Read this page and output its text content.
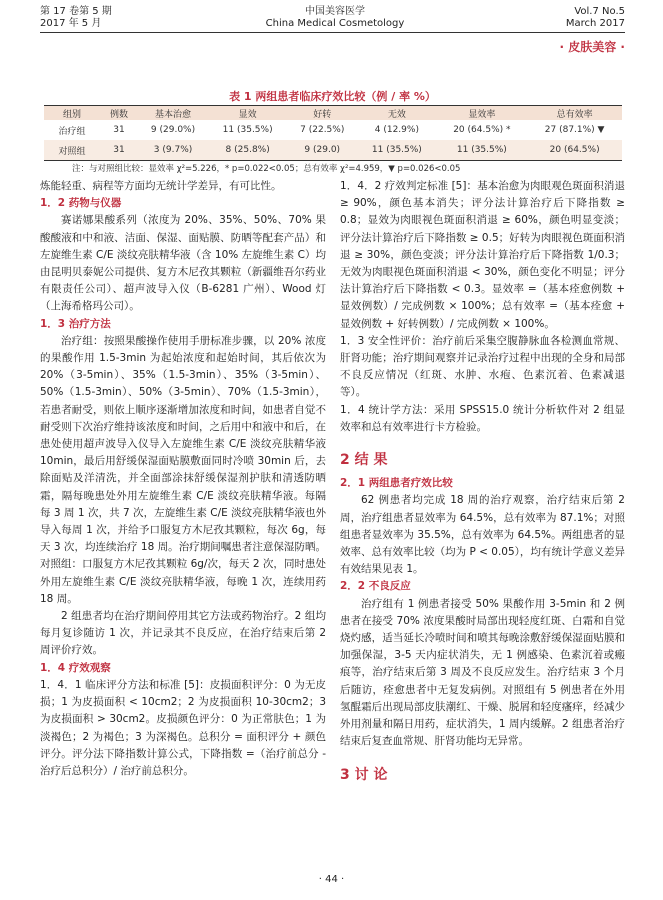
第 17 卷第 5 期
2017 年 5 月
中国美容医学
China Medical Cosmetology
Vol.7 No.5
March 2017
· 皮肤美容 ·
表 1 两组患者临床疗效比较（例 / 率 %）
组别	例数	基本治愈	显效	好转	无效	显效率	总有效率
治疗组	31	9 (29.0%)	11 (35.5%)	7 (22.5%)	4 (12.9%)	20 (64.5%) *	27 (87.1%) ▼
对照组	31	3 (9.7%)	8 (25.8%)	9 (29.0)	11 (35.5%)	11 (35.5%)	20 (64.5%)
注：与对照组比较：显效率 χ²=5.226，* p=0.022<0.05；总有效率 χ²=4.959，▼ p=0.026<0.05

炼能轻重、病程等方面均无统计学差异，有可比性。

1．2 药物与仪器

赛诺娜果酸系列（浓度为 20%、35%、50%、70% 果酸酸液和中和液、洁面、保湿、面贴膜、防晒等配套产品）和左旋维生素 C/E 淡纹亮肤精华液（含 10% 左旋维生素 C）均由昆明贝泰妮公司提供、复方木尼孜其颗粒（新疆维吾尔药业有限责任公司）、超声波导入仪（B-6281 广州）、Wood 灯（上海希格玛公司）。

1．3 治疗方法

治疗组：按照果酸操作使用手册标准步骤，以 20% 浓度的果酸作用 1.5-3min 为起始浓度和起始时间，其后依次为 20%（3-5min）、35%（1.5-3min）、35%（3-5min）、50%（1.5-3min）、50%（3-5min）、70%（1.5-3min），若患者耐受，则依上顺序逐渐增加浓度和时间，如患者自觉不耐受则下次治疗维持该浓度和时间，之后用中和液中和后，在患处使用超声波导入仪导入左旋维生素 C/E 淡纹亮肤精华液 10min，最后用舒缓保湿面贴膜敷面同时冷喷 30min 后，去除面贴及洋清洗，并全面部涂抹舒缓保湿剂护肤和清透防晒霜，隔每晚患处外用左旋维生素 C/E 淡纹亮肤精华液。每隔每 3 周 1 次，共 7 次，左旋维生素 C/E 淡纹亮肤精华液也外导入每周 1 次，并给予口服复方木尼孜其颗粒，每次 6g，每天 3 次，均连续治疗 18 周。治疗期间嘱患者注意保湿防晒。对照组：口服复方木尼孜其颗粒 6g/次，每天 2 次，同时患处外用左旋维生素 C/E 淡纹亮肤精华液，每晚 1 次，连续用药 18 周。

2 组患者均在治疗期间停用其它方法或药物治疗。2 组均每月复诊随访 1 次，并记录其不良反应，在治疗结束后第 2 周评价疗效。

1．4 疗效观察

1．4．1 临床评分方法和标准 [5]：皮损面积评分：0 为无皮损；1 为皮损面积 < 10cm2；2 为皮损面积 10-30cm2；3 为皮损面积 > 30cm2。皮损颜色评分：0 为正常肤色；1 为淡褐色；2 为褐色；3 为深褐色。总积分 = 面积评分 + 颜色评分。评分法下降指数计算公式，下降指数 =（治疗前总分 - 治疗后总积分）/ 治疗前总积分。

1．4．2 疗效判定标准 [5]：基本治愈为肉眼观色斑面积消退 ≥ 90%，颜色基本消失；评分法计算治疗后下降指数 ≥ 0.8；显效为肉眼视色斑面积消退 ≥ 60%，颜色明显变淡；评分法计算治疗后下降指数 ≥ 0.5；好转为肉眼视色斑面积消退 ≥ 30%，颜色变淡；评分法计算治疗后下降指数 1/0.3；无效为肉眼视色斑面积消退 < 30%，颜色变化不明显；评分法计算治疗后下降指数 < 0.3。显效率 =（基本痊愈例数 + 显效例数）/ 完成例数 × 100%；总有效率 =（基本痊愈 + 显效例数 + 好转例数）/ 完成例数 × 100%。

1．3 安全性评价：治疗前后采集空腹静脉血各检测血常规、肝肾功能；治疗期间观察并记录治疗过程中出现的全身和局部不良反应情况（红斑、水肿、水疱、色素沉着、色素减退等）。

1．4 统计学方法：采用 SPSS15.0 统计分析软件对 2 组显效率和总有效率进行卡方检验。

2 结 果

2．1 两组患者疗效比较

62 例患者均完成 18 周的治疗观察，治疗结束后第 2 周，治疗组患者显效率为 64.5%，总有效率为 87.1%；对照组患者显效率为 35.5%，总有效率为 64.5%。两组患者的显效率、总有效率比较（均为 P < 0.05），均有统计学意义差异有效结果见表 1。

2．2 不良反应

治疗组有 1 例患者接受 50% 果酸作用 3-5min 和 2 例患者在接受 70% 浓度果酸时局部出现轻度红斑、白霜和自觉烧灼感，适当延长冷喷时间和喷其每晚涂敷舒缓保湿面贴膜和加强保湿，3-5 天内症状消失，无 1 例感染、色素沉着或瘢痕等，治疗结束后第 3 周及不良反应发生。治疗结束 3 个月后随访，痊愈患者中无复发病例。对照组有 5 例患者在外用氢醌霜后出现局部皮肤潮红、干燥、脱屑和轻度瘙痒，经减少外用剂量和隔日用药，症状消失，1 周内缓解。2 组患者治疗结束后复查血常规、肝肾功能均无异常。

3 讨 论

· 44 ·
